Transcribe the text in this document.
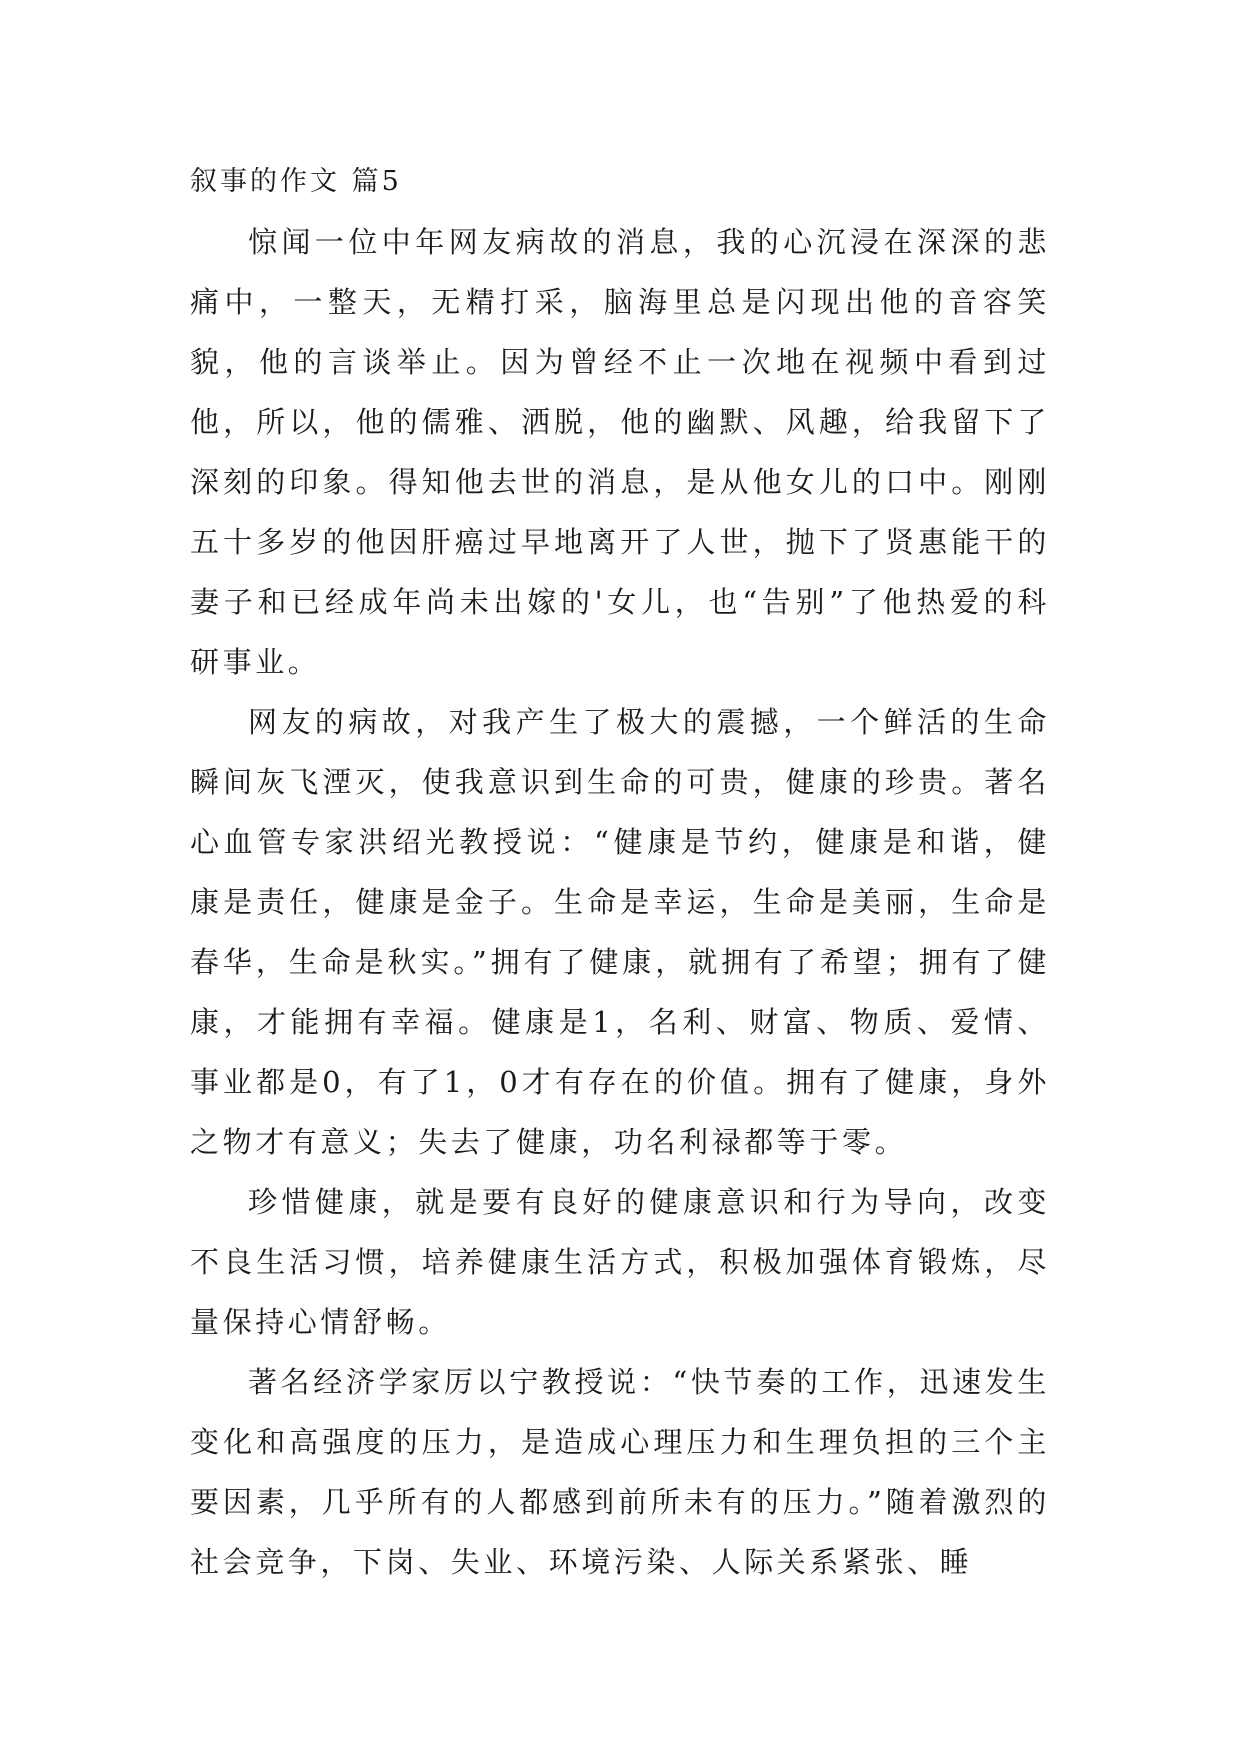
叙事的作文 篇5

惊闻一位中年网友病故的消息，我的心沉浸在深深的悲痛中，一整天，无精打采，脑海里总是闪现出他的音容笑貌，他的言谈举止。因为曾经不止一次地在视频中看到过他，所以，他的儒雅、洒脱，他的幽默、风趣，给我留下了深刻的印象。得知他去世的消息，是从他女儿的口中。刚刚五十多岁的他因肝癌过早地离开了人世，抛下了贤惠能干的妻子和已经成年尚未出嫁的'女儿，也“告别”了他热爱的科研事业。

网友的病故，对我产生了极大的震撼，一个鲜活的生命瞬间灰飞湮灭，使我意识到生命的可贵，健康的珍贵。著名心血管专家洪绍光教授说：“健康是节约，健康是和谐，健康是责任，健康是金子。生命是幸运，生命是美丽，生命是春华，生命是秋实。”拥有了健康，就拥有了希望；拥有了健康，才能拥有幸福。健康是1，名利、财富、物质、爱情、事业都是0，有了1，0才有存在的价值。拥有了健康，身外之物才有意义；失去了健康，功名利禄都等于零。

珍惜健康，就是要有良好的健康意识和行为导向，改变不良生活习惯，培养健康生活方式，积极加强体育锻炼，尽量保持心情舒畅。

著名经济学家厉以宁教授说：“快节奏的工作，迅速发生变化和高强度的压力，是造成心理压力和生理负担的三个主要因素，几乎所有的人都感到前所未有的压力。”随着激烈的社会竞争，下岗、失业、环境污染、人际关系紧张、睡
